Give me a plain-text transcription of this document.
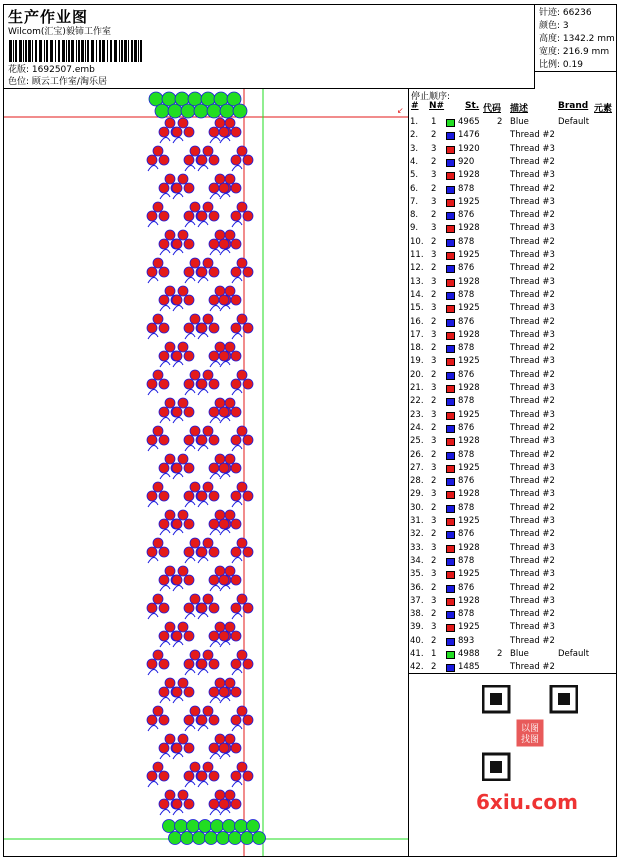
生产作业图
Wilcom(汇宝)毅铈工作室
花版: 1692507.emb
色位: 顾云工作室/淘乐居
针迹: 66236
颜色: 3
高度: 1342.2 mm
宽度: 216.9 mm
比例: 0.19
↙
停止顺序:
# N# St. 代码 描述	Brand 元素
1. 1	4965 2 Blue	Default
2. 2	1476	Thread #2
3. 3	1920	Thread #3
4. 2	920	Thread #2
5. 3	1928	Thread #3
6. 2	878	Thread #2
7. 3	1925	Thread #3
8. 2	876	Thread #2
9. 3	1928	Thread #3
10. 2	878	Thread #2
11. 3	1925	Thread #3
12. 2	876	Thread #2
13. 3	1928	Thread #3
14. 2	878	Thread #2
15. 3	1925	Thread #3
16. 2	876	Thread #2
17. 3	1928	Thread #3
18. 2	878	Thread #2
19. 3	1925	Thread #3
20. 2	876	Thread #2
21. 3	1928	Thread #3
22. 2	878	Thread #2
23. 3	1925	Thread #3
24. 2	876	Thread #2
25. 3	1928	Thread #3
26. 2	878	Thread #2
27. 3	1925	Thread #3
28. 2	876	Thread #2
29. 3	1928	Thread #3
30. 2	878	Thread #2
31. 3	1925	Thread #3
32. 2	876	Thread #2
33. 3	1928	Thread #3
34. 2	878	Thread #2
35. 3	1925	Thread #3
36. 2	876	Thread #2
37. 3	1928	Thread #3
38. 2	878	Thread #2
39. 3	1925	Thread #3
40. 2	893	Thread #2
41. 1	4988 2 Blue	Default
42. 2	1485	Thread #2
以图
找图
6xiu.com
